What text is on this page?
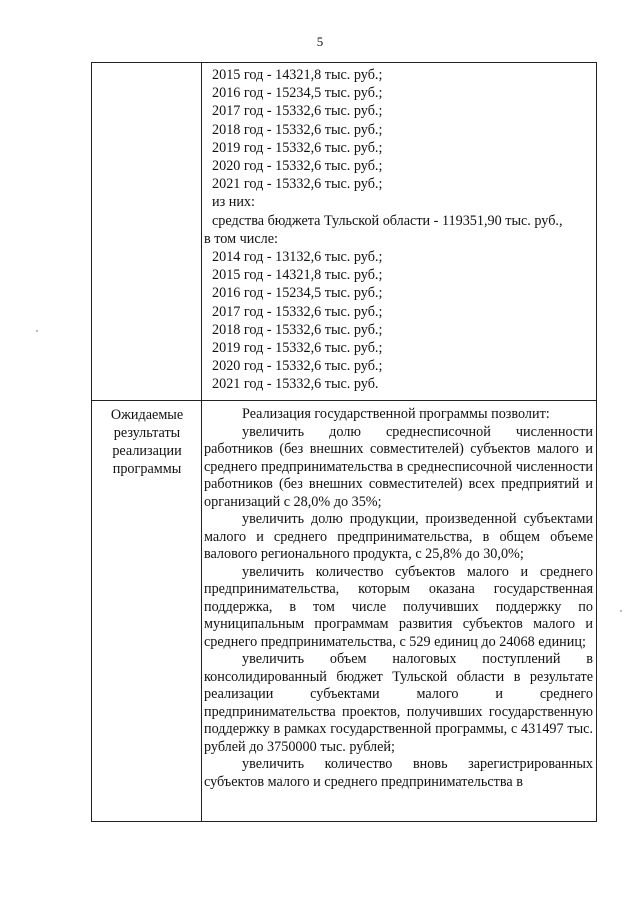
5
2015 год - 14321,8 тыс. руб.;
2016 год - 15234,5 тыс. руб.;
2017 год - 15332,6 тыс. руб.;
2018 год - 15332,6 тыс. руб.;
2019 год - 15332,6 тыс. руб.;
2020 год - 15332,6 тыс. руб.;
2021 год - 15332,6 тыс. руб.;
из них:
средства бюджета Тульской области - 119351,90 тыс. руб.,
в том числе:
2014 год - 13132,6 тыс. руб.;
2015 год - 14321,8 тыс. руб.;
2016 год - 15234,5 тыс. руб.;
2017 год - 15332,6 тыс. руб.;
2018 год - 15332,6 тыс. руб.;
2019 год - 15332,6 тыс. руб.;
2020 год - 15332,6 тыс. руб.;
2021 год - 15332,6 тыс. руб.
Ожидаемые результаты реализации программы

Реализация государственной программы позволит:

увеличить долю среднесписочной численности работников (без внешних совместителей) субъектов малого и среднего предпринимательства в среднесписочной численности работников (без внешних совместителей) всех предприятий и организаций с 28,0% до 35%;

увеличить долю продукции, произведенной субъектами малого и среднего предпринимательства, в общем объеме валового регионального продукта, с 25,8% до 30,0%;

увеличить количество субъектов малого и среднего предпринимательства, которым оказана государственная поддержка, в том числе получивших поддержку по муниципальным программам развития субъектов малого и среднего предпринимательства, с 529 единиц до 24068 единиц;

увеличить объем налоговых поступлений в консолидированный бюджет Тульской области в результате реализации субъектами малого и среднего предпринимательства проектов, получивших государственную поддержку в рамках государственной программы, с 431497 тыс. рублей до 3750000 тыс. рублей;

увеличить количество вновь зарегистрированных субъектов малого и среднего предпринимательства в
